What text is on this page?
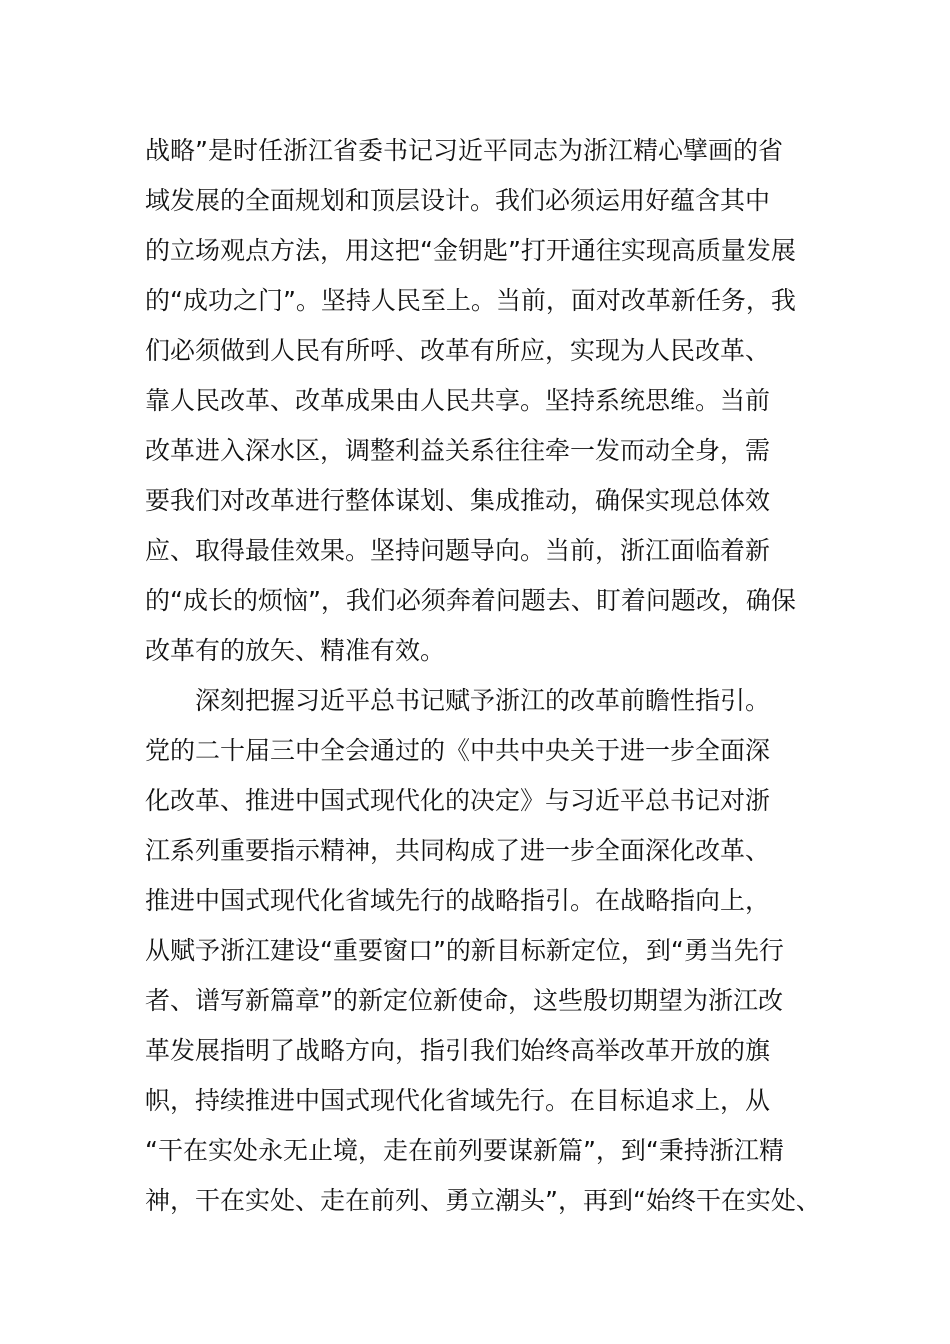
战略”是时任浙江省委书记习近平同志为浙江精心擘画的省
域发展的全面规划和顶层设计。我们必须运用好蕴含其中
的立场观点方法，用这把“金钥匙”打开通往实现高质量发展
的“成功之门”。坚持人民至上。当前，面对改革新任务，我
们必须做到人民有所呼、改革有所应，实现为人民改革、
靠人民改革、改革成果由人民共享。坚持系统思维。当前
改革进入深水区，调整利益关系往往牵一发而动全身，需
要我们对改革进行整体谋划、集成推动，确保实现总体效
应、取得最佳效果。坚持问题导向。当前，浙江面临着新
的“成长的烦恼”，我们必须奔着问题去、盯着问题改，确保
改革有的放矢、精准有效。
深刻把握习近平总书记赋予浙江的改革前瞻性指引。
党的二十届三中全会通过的《中共中央关于进一步全面深
化改革、推进中国式现代化的决定》与习近平总书记对浙
江系列重要指示精神，共同构成了进一步全面深化改革、
推进中国式现代化省域先行的战略指引。在战略指向上，
从赋予浙江建设“重要窗口”的新目标新定位，到“勇当先行
者、谱写新篇章”的新定位新使命，这些殷切期望为浙江改
革发展指明了战略方向，指引我们始终高举改革开放的旗
帜，持续推进中国式现代化省域先行。在目标追求上，从
“干在实处永无止境，走在前列要谋新篇”，到“秉持浙江精
神，干在实处、走在前列、勇立潮头”，再到“始终干在实处、
